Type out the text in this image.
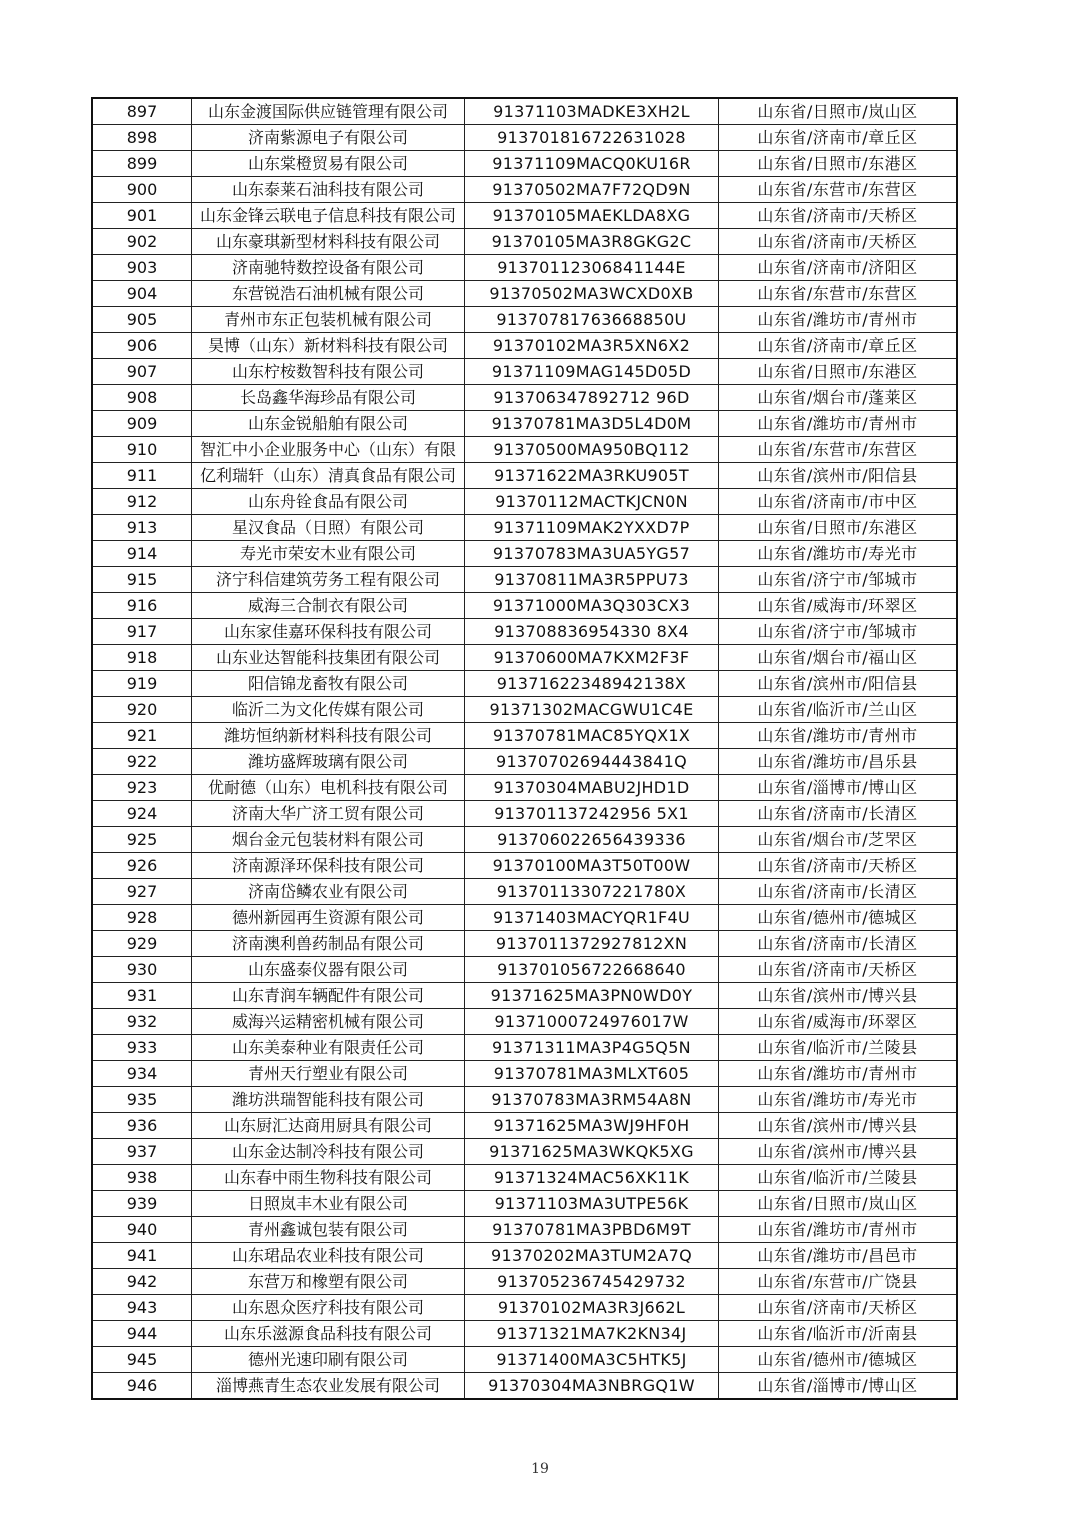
897	山东金渡国际供应链管理有限公司	91371103MADKE3XH2L	山东省/日照市/岚山区
898	济南紫源电子有限公司	913701816722631028	山东省/济南市/章丘区
899	山东棠橙贸易有限公司	91371109MACQ0KU16R	山东省/日照市/东港区
900	山东泰莱石油科技有限公司	91370502MA7F72QD9N	山东省/东营市/东营区
901	山东金锋云联电子信息科技有限公司	91370105MAEKLDA8XG	山东省/济南市/天桥区
902	山东豪琪新型材料科技有限公司	91370105MA3R8GKG2C	山东省/济南市/天桥区
903	济南驰特数控设备有限公司	91370112306841144E	山东省/济南市/济阳区
904	东营锐浩石油机械有限公司	91370502MA3WCXD0XB	山东省/东营市/东营区
905	青州市东正包装机械有限公司	91370781763668850U	山东省/潍坊市/青州市
906	昊博（山东）新材料科技有限公司	91370102MA3R5XN6X2	山东省/济南市/章丘区
907	山东柠桉数智科技有限公司	91371109MAG145D05D	山东省/日照市/东港区
908	长岛鑫华海珍品有限公司	913706347892712 96D	山东省/烟台市/蓬莱区
909	山东金锐船舶有限公司	91370781MA3D5L4D0M	山东省/潍坊市/青州市
910	智汇中小企业服务中心（山东）有限	91370500MA950BQ112	山东省/东营市/东营区
911	亿利瑞轩（山东）清真食品有限公司	91371622MA3RKU905T	山东省/滨州市/阳信县
912	山东舟铨食品有限公司	91370112MACTKJCN0N	山东省/济南市/市中区
913	星汉食品（日照）有限公司	91371109MAK2YXXD7P	山东省/日照市/东港区
914	寿光市荣安木业有限公司	91370783MA3UA5YG57	山东省/潍坊市/寿光市
915	济宁科信建筑劳务工程有限公司	91370811MA3R5PPU73	山东省/济宁市/邹城市
916	威海三合制衣有限公司	91371000MA3Q303CX3	山东省/威海市/环翠区
917	山东家佳嘉环保科技有限公司	913708836954330 8X4	山东省/济宁市/邹城市
918	山东业达智能科技集团有限公司	91370600MA7KXM2F3F	山东省/烟台市/福山区
919	阳信锦龙畜牧有限公司	91371622348942138X	山东省/滨州市/阳信县
920	临沂二为文化传媒有限公司	91371302MACGWU1C4E	山东省/临沂市/兰山区
921	潍坊恒纳新材料科技有限公司	91370781MAC85YQX1X	山东省/潍坊市/青州市
922	潍坊盛辉玻璃有限公司	91370702694443841Q	山东省/潍坊市/昌乐县
923	优耐德（山东）电机科技有限公司	91370304MABU2JHD1D	山东省/淄博市/博山区
924	济南大华广济工贸有限公司	913701137242956 5X1	山东省/济南市/长清区
925	烟台金元包装材料有限公司	913706022656439336	山东省/烟台市/芝罘区
926	济南源泽环保科技有限公司	91370100MA3T50T00W	山东省/济南市/天桥区
927	济南岱鳞农业有限公司	91370113307221780X	山东省/济南市/长清区
928	德州新园再生资源有限公司	91371403MACYQR1F4U	山东省/德州市/德城区
929	济南澳利兽药制品有限公司	9137011372927812XN	山东省/济南市/长清区
930	山东盛泰仪器有限公司	913701056722668640	山东省/济南市/天桥区
931	山东青润车辆配件有限公司	91371625MA3PN0WD0Y	山东省/滨州市/博兴县
932	威海兴运精密机械有限公司	91371000724976017W	山东省/威海市/环翠区
933	山东美泰种业有限责任公司	91371311MA3P4G5Q5N	山东省/临沂市/兰陵县
934	青州天行塑业有限公司	91370781MA3MLXT605	山东省/潍坊市/青州市
935	潍坊洪瑞智能科技有限公司	91370783MA3RM54A8N	山东省/潍坊市/寿光市
936	山东厨汇达商用厨具有限公司	91371625MA3WJ9HF0H	山东省/滨州市/博兴县
937	山东金达制冷科技有限公司	91371625MA3WKQK5XG	山东省/滨州市/博兴县
938	山东春中雨生物科技有限公司	91371324MAC56XK11K	山东省/临沂市/兰陵县
939	日照岚丰木业有限公司	91371103MA3UTPE56K	山东省/日照市/岚山区
940	青州鑫诚包装有限公司	91370781MA3PBD6M9T	山东省/潍坊市/青州市
941	山东珺品农业科技有限公司	91370202MA3TUM2A7Q	山东省/潍坊市/昌邑市
942	东营万和橡塑有限公司	913705236745429732	山东省/东营市/广饶县
943	山东恩众医疗科技有限公司	91370102MA3R3J662L	山东省/济南市/天桥区
944	山东乐滋源食品科技有限公司	91371321MA7K2KN34J	山东省/临沂市/沂南县
945	德州光速印刷有限公司	91371400MA3C5HTK5J	山东省/德州市/德城区
946	淄博燕青生态农业发展有限公司	91370304MA3NBRGQ1W	山东省/淄博市/博山区
19
